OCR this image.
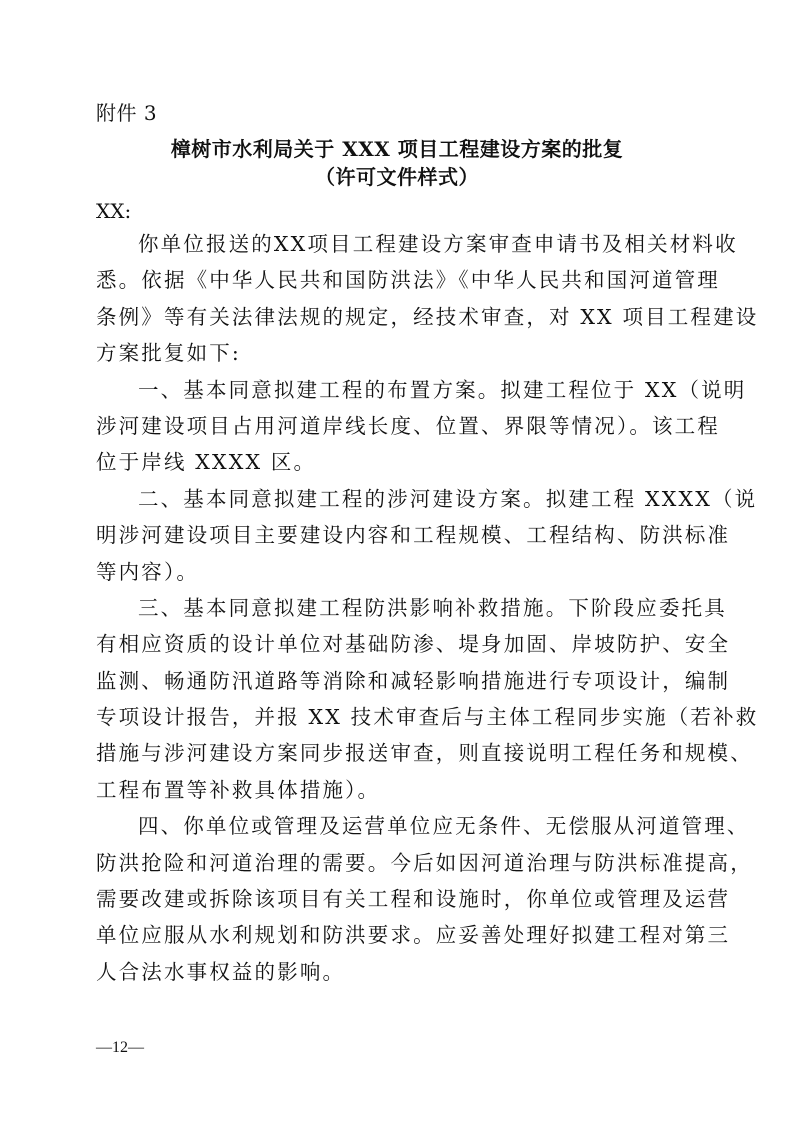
附件 3
樟树市水利局关于 XXX 项目工程建设方案的批复
（许可文件样式）
XX:
你单位报送的XX项目工程建设方案审查申请书及相关材料收
悉。依据《中华人民共和国防洪法》《中华人民共和国河道管理
条例》等有关法律法规的规定，经技术审查，对 XX 项目工程建设
方案批复如下:
一、基本同意拟建工程的布置方案。拟建工程位于 XX（说明
涉河建设项目占用河道岸线长度、位置、界限等情况）。该工程
位于岸线 XXXX 区。
二、基本同意拟建工程的涉河建设方案。拟建工程 XXXX（说
明涉河建设项目主要建设内容和工程规模、工程结构、防洪标准
等内容）。
三、基本同意拟建工程防洪影响补救措施。下阶段应委托具
有相应资质的设计单位对基础防渗、堤身加固、岸坡防护、安全
监测、畅通防汛道路等消除和减轻影响措施进行专项设计，编制
专项设计报告，并报 XX 技术审查后与主体工程同步实施（若补救
措施与涉河建设方案同步报送审查，则直接说明工程任务和规模、
工程布置等补救具体措施）。
四、你单位或管理及运营单位应无条件、无偿服从河道管理、
防洪抢险和河道治理的需要。今后如因河道治理与防洪标准提高，
需要改建或拆除该项目有关工程和设施时，你单位或管理及运营
单位应服从水利规划和防洪要求。应妥善处理好拟建工程对第三
人合法水事权益的影响。
—12—
